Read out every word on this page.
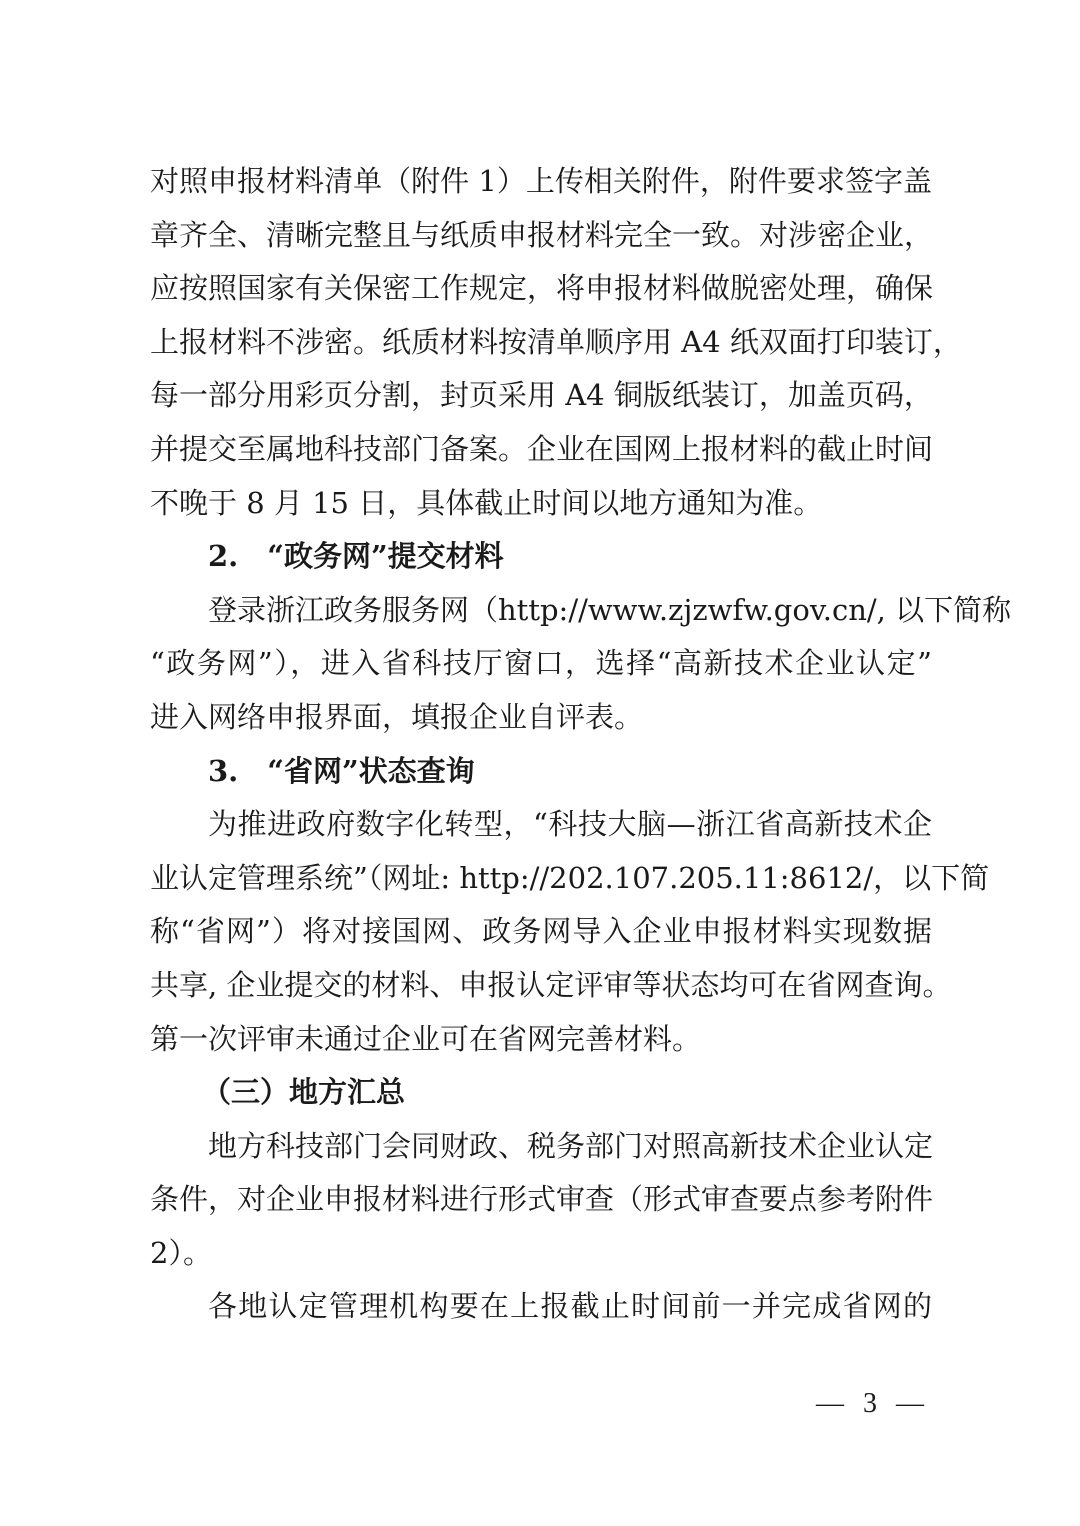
对照申报材料清单（附件 1）上传相关附件，附件要求签字盖
章齐全、清晰完整且与纸质申报材料完全一致。对涉密企业，
应按照国家有关保密工作规定，将申报材料做脱密处理，确保
上报材料不涉密。纸质材料按清单顺序用 A4 纸双面打印装订，
每一部分用彩页分割，封页采用 A4 铜版纸装订，加盖页码，
并提交至属地科技部门备案。企业在国网上报材料的截止时间
不晚于 8 月 15 日，具体截止时间以地方通知为准。
2.　“政务网”提交材料
登录浙江政务服务网（http://www.zjzwfw.gov.cn/, 以下简称
“政务网”），进入省科技厅窗口，选择“高新技术企业认定”
进入网络申报界面，填报企业自评表。
3.　“省网”状态查询
为推进政府数字化转型，“科技大脑—浙江省高新技术企
业认定管理系统”（网址: http://202.107.205.11:8612/，以下简
称“省网”）将对接国网、政务网导入企业申报材料实现数据
共享, 企业提交的材料、申报认定评审等状态均可在省网查询。
第一次评审未通过企业可在省网完善材料。
（三）地方汇总
地方科技部门会同财政、税务部门对照高新技术企业认定
条件，对企业申报材料进行形式审查（形式审查要点参考附件
2）。
各地认定管理机构要在上报截止时间前一并完成省网的
— 3 —
